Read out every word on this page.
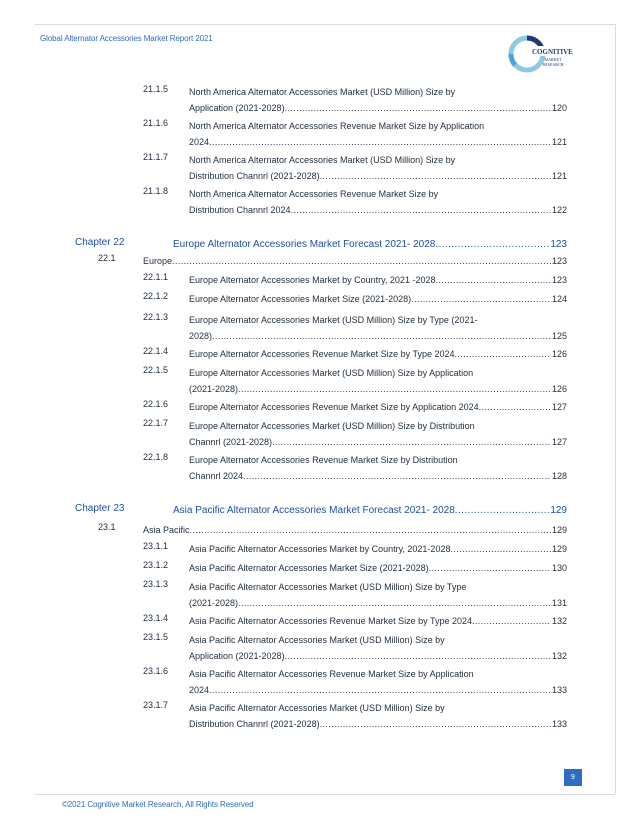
Global Alternator Accessories Market Report 2021
COGNITIVE
MARKET RESEARCH
21.1.5 North America Alternator Accessories Market (USD Million) Size by
Application (2021-2028) .....	120
21.1.6 North America Alternator Accessories Revenue Market Size by Application
2024 .....	121
21.1.7 North America Alternator Accessories Market (USD Million) Size by
Distribution Channrl (2021-2028) .....	121
21.1.8 North America Alternator Accessories Revenue Market Size by
Distribution Channrl 2024 .....	122
Chapter 22	Europe Alternator Accessories Market Forecast 2021- 2028 .....	123
22.1	Europe .....	123
22.1.1 Europe Alternator Accessories Market by Country, 2021 -2028 .....	123
22.1.2 Europe Alternator Accessories Market Size (2021-2028) .....	124
22.1.3 Europe Alternator Accessories Market (USD Million) Size by Type (2021-
2028) .....	125
22.1.4 Europe Alternator Accessories Revenue Market Size by Type 2024 .....	126
22.1.5 Europe Alternator Accessories Market (USD Million) Size by Application
(2021-2028) .....	126
22.1.6 Europe Alternator Accessories Revenue Market Size by Application 2024 .....	127
22.1.7 Europe Alternator Accessories Market (USD Million) Size by Distribution
Channrl (2021-2028) .....	127
22.1.8 Europe Alternator Accessories Revenue Market Size by Distribution
Channrl 2024 .....	128
Chapter 23	Asia Pacific Alternator Accessories Market Forecast 2021- 2028 .....	129
23.1	Asia Pacific .....	129
23.1.1 Asia Pacific Alternator Accessories Market by Country, 2021-2028 .....	129
23.1.2 Asia Pacific Alternator Accessories Market Size (2021-2028) .....	130
23.1.3 Asia Pacific Alternator Accessories Market (USD Million) Size by Type
(2021-2028) .....	131
23.1.4 Asia Pacific Alternator Accessories Revenue Market Size by Type 2024 .....	132
23.1.5 Asia Pacific Alternator Accessories Market (USD Million) Size by
Application (2021-2028) .....	132
23.1.6 Asia Pacific Alternator Accessories Revenue Market Size by Application
2024 .....	133
23.1.7 Asia Pacific Alternator Accessories Market (USD Million) Size by
Distribution Channrl (2021-2028) .....	133
9
©2021 Cognitive Market Research, All Rights Reserved
